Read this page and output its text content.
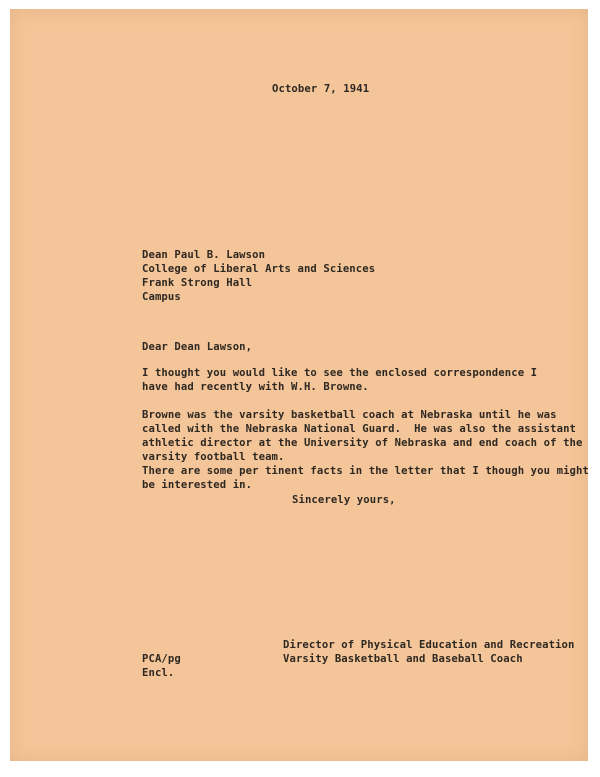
October 7, 1941
Dean Paul B. Lawson
College of Liberal Arts and Sciences
Frank Strong Hall
Campus
Dear Dean Lawson,
I thought you would like to see the enclosed correspondence I
have had recently with W.H. Browne.
Browne was the varsity basketball coach at Nebraska until he was
called with the Nebraska National Guard.  He was also the assistant
athletic director at the University of Nebraska and end coach of the
varsity football team.
There are some per tinent facts in the letter that I though you might
be interested in.
Sincerely yours,
Director of Physical Education and Recreation
Varsity Basketball and Baseball Coach
PCA/pg
Encl.
